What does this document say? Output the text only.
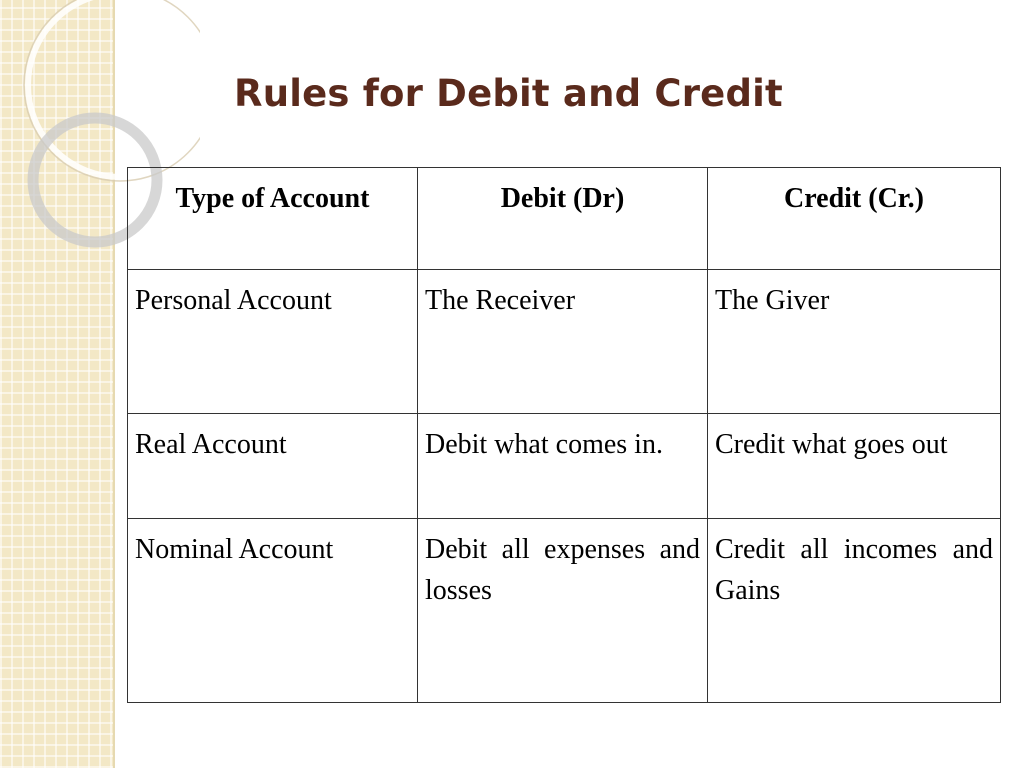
Rules for Debit and Credit
Type of Account	Debit (Dr)	Credit (Cr.)
Personal Account	The Receiver	The Giver
Real Account	Debit what comes in.	Credit what goes out
Nominal Account	Debit all expenses and losses	Credit all incomes and Gains
